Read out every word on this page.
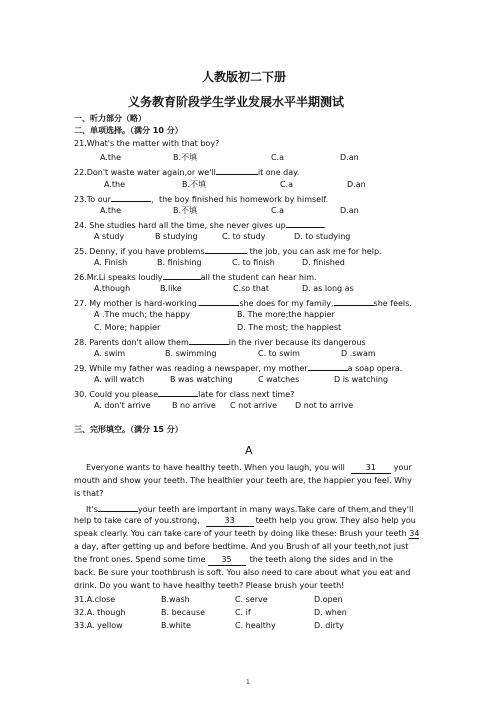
人教版初二下册
义务教育阶段学生学业发展水平半期测试
一、听力部分（略）
二、单项选择。（满分 10 分）
21.What's the matter with that boy?
A.the	B.不填	C.a	D.an
22.Don't waste water again,or we'll	it one day.
A.the	B.不填	C.a	D.an
23.To our	，the boy finished his homework by himself.
A.the	B.不填	C.a	D.an
24. She studies hard all the time, she never gives up	.
A study	B studying	C. to study	D. to studying
25. Denny, if you have problems	the job, you can ask me for help.
A. Finish	B. finishing	C. to finish	D. finished
26.Mr.Li speaks loudly	all the student can hear him.
A.though	B.like	C.so that	D. as long as
27. My mother is hard-working.	she does for my family,	she feels.
A .The much; the happy	B. The more;the happier
C. More; happier	D. The most; the happiest
28. Parents don't allow them	in the river because its dangerous
A. swim	B. swimming	C. to swim	D .swam
29. While my father was reading a newspaper, my mother	a soap opera.
A. will watch	B was watching	C watches	D is watching
30. Could you please	late for class next time?
A. don't arrive	B no arrive C not arrive D not to arrive
三、完形填空。（满分 15 分）
A
Everyone wants to have healthy teeth. When you laugh, you will	31 your
mouth and show your teeth. The healthier your teeth are, the happier you feel. Why
is that?
It's	your teeth are important in many ways.Take care of them,and they'll
help to take care of you.strong,	33	teeth help you grow. They also help you
speak clearly. You can take care of your teeth by doing like these: Brush your teeth 34
a day, after getting up and before bedtime. And you Brush of all your teeth,not just
the front ones. Spend some time 35 the teeth along the sides and in the
back. Be sure your toothbrush is soft. You also need to care about what you eat and
drink. Do you want to have healthy teeth? Please brush your teeth!
31.A.close	B.wash	C. serve	D.open
32.A. though	B. because	C. if	D. when
33.A. yellow	B.white	C. healthy	D. dirty
1
